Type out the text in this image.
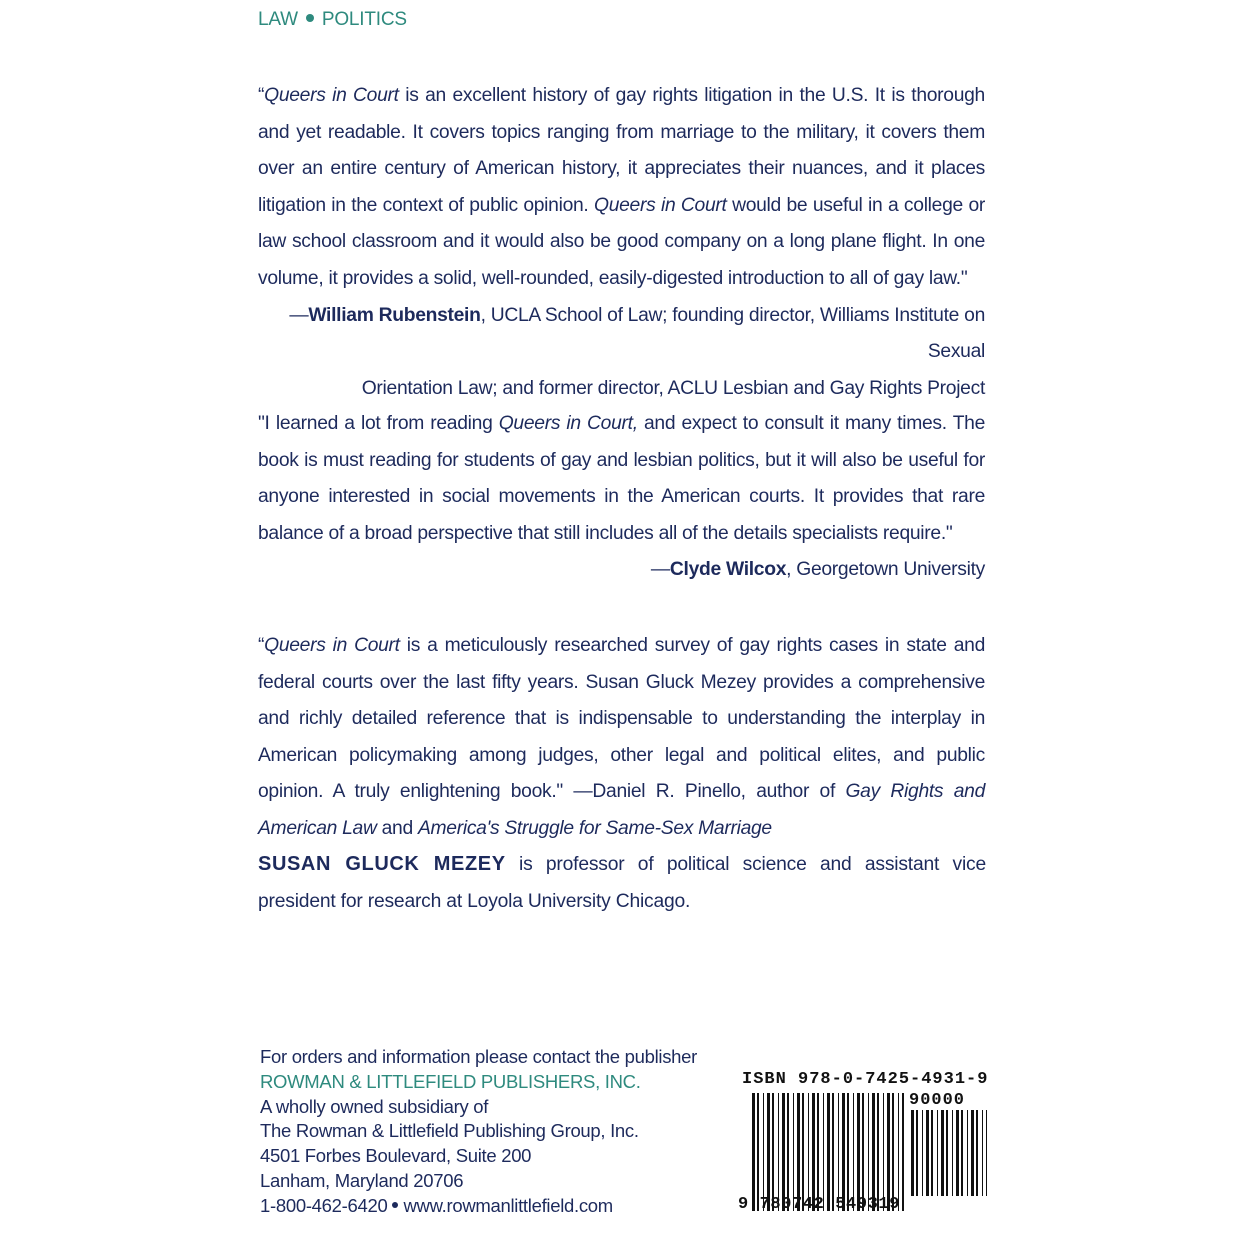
LAW POLITICS

“Queers in Court is an excellent history of gay rights litigation in the U.S. It is thorough and yet readable. It covers topics ranging from marriage to the military, it covers them over an entire century of American history, it appreciates their nuances, and it places litigation in the context of public opinion. Queers in Court would be useful in a college or law school classroom and it would also be good company on a long plane flight. In one volume, it provides a solid, well-rounded, easily-digested introduction to all of gay law."

—William Rubenstein, UCLA School of Law; founding director, Williams Institute on Sexual
Orientation Law; and former director, ACLU Lesbian and Gay Rights Project

"I learned a lot from reading Queers in Court, and expect to consult it many times. The book is must reading for students of gay and lesbian politics, but it will also be useful for anyone interested in social movements in the American courts. It provides that rare balance of a broad perspective that still includes all of the details specialists require."

—Clyde Wilcox, Georgetown University

“Queers in Court is a meticulously researched survey of gay rights cases in state and federal courts over the last fifty years. Susan Gluck Mezey provides a comprehensive and richly detailed reference that is indispensable to understanding the interplay in American policymaking among judges, other legal and political elites, and public opinion. A truly enlightening book." —Daniel R. Pinello, author of Gay Rights and American Law and America's Struggle for Same-Sex Marriage

SUSAN GLUCK MEZEY is professor of political science and assistant vice president for research at Loyola University Chicago.
For orders and information please contact the publisher
ROWMAN & LITTLEFIELD PUBLISHERS, INC.
A wholly owned subsidiary of
The Rowman & Littlefield Publishing Group, Inc.
4501 Forbes Boulevard, Suite 200
Lanham, Maryland 20706
1-800-462-6420 www.rowmanlittlefield.com
ISBN 978-0-7425-4931-9
90000
9 780742 549319
